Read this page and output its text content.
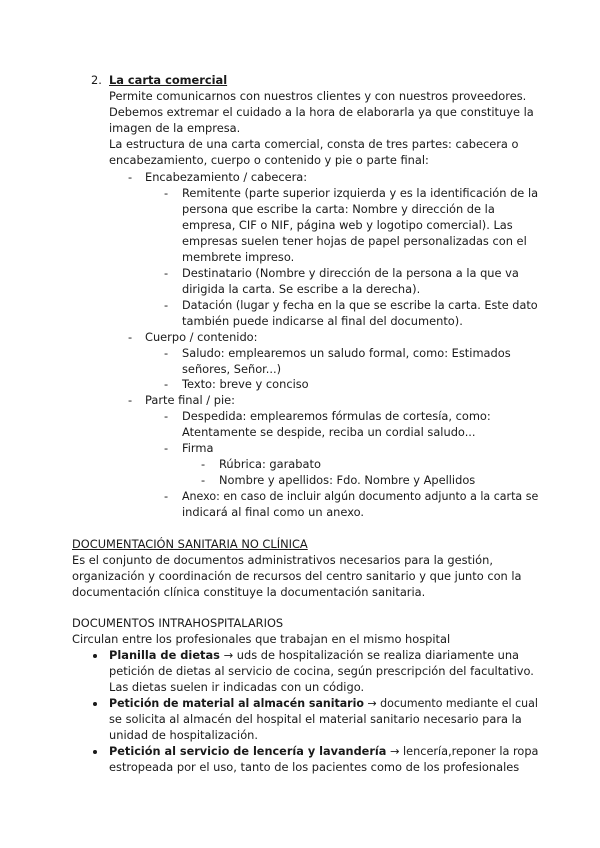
2. La carta comercial
Permite comunicarnos con nuestros clientes y con nuestros proveedores.
Debemos extremar el cuidado a la hora de elaborarla ya que constituye la
imagen de la empresa.
La estructura de una carta comercial, consta de tres partes: cabecera o
encabezamiento, cuerpo o contenido y pie o parte final:
- Encabezamiento / cabecera:
- Remitente (parte superior izquierda y es la identificación de la
persona que escribe la carta: Nombre y dirección de la
empresa, CIF o NIF, página web y logotipo comercial). Las
empresas suelen tener hojas de papel personalizadas con el
membrete impreso.
- Destinatario (Nombre y dirección de la persona a la que va
dirigida la carta. Se escribe a la derecha).
- Datación (lugar y fecha en la que se escribe la carta. Este dato
también puede indicarse al final del documento).
- Cuerpo / contenido:
- Saludo: emplearemos un saludo formal, como: Estimados
señores, Señor...)
- Texto: breve y conciso
- Parte final / pie:
- Despedida: emplearemos fórmulas de cortesía, como:
Atentamente se despide, reciba un cordial saludo...
- Firma
- Rúbrica: garabato
- Nombre y apellidos: Fdo. Nombre y Apellidos
- Anexo: en caso de incluir algún documento adjunto a la carta se
indicará al final como un anexo.
DOCUMENTACIÓN SANITARIA NO CLÍNICA
Es el conjunto de documentos administrativos necesarios para la gestión,
organización y coordinación de recursos del centro sanitario y que junto con la
documentación clínica constituye la documentación sanitaria.
DOCUMENTOS INTRAHOSPITALARIOS
Circulan entre los profesionales que trabajan en el mismo hospital
Planilla de dietas → uds de hospitalización se realiza diariamente una
petición de dietas al servicio de cocina, según prescripción del facultativo.
Las dietas suelen ir indicadas con un código.
Petición de material al almacén sanitario → documento mediante el cual
se solicita al almacén del hospital el material sanitario necesario para la
unidad de hospitalización.
Petición al servicio de lencería y lavandería → lencería,reponer la ropa
estropeada por el uso, tanto de los pacientes como de los profesionales
